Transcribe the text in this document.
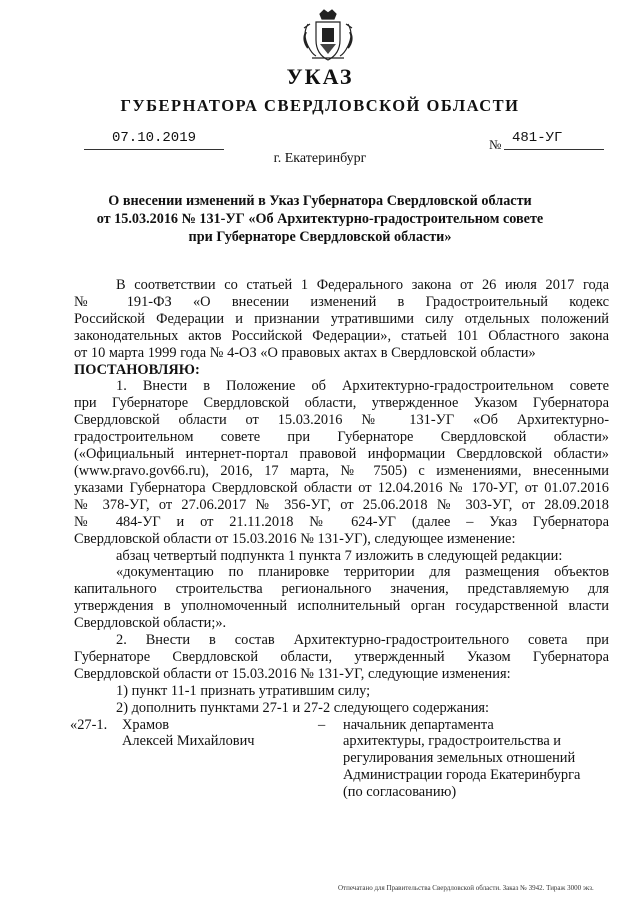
УКАЗ
ГУБЕРНАТОРА СВЕРДЛОВСКОЙ ОБЛАСТИ
07.10.2019	№ 481-УГ
г. Екатеринбург
О внесении изменений в Указ Губернатора Свердловской области
от 15.03.2016 № 131-УГ «Об Архитектурно-градостроительном совете
при Губернаторе Свердловской области»

В соответствии со статьей 1 Федерального закона от 26 июля 2017 года

№ 191-ФЗ «О внесении изменений в Градостроительный кодекс

Российской Федерации и признании утратившими силу отдельных положений

законодательных актов Российской Федерации», статьей 101 Областного закона

от 10 марта 1999 года № 4-ОЗ «О правовых актах в Свердловской области»

ПОСТАНОВЛЯЮ:

1. Внести в Положение об Архитектурно-градостроительном совете

при Губернаторе Свердловской области, утвержденное Указом Губернатора

Свердловской области от 15.03.2016 № 131-УГ «Об Архитектурно-

градостроительном совете при Губернаторе Свердловской области»

(«Официальный интернет-портал правовой информации Свердловской области»

(www.pravo.gov66.ru), 2016, 17 марта, № 7505) с изменениями, внесенными

указами Губернатора Свердловской области от 12.04.2016 № 170-УГ, от 01.07.2016

№ 378-УГ, от 27.06.2017 № 356-УГ, от 25.06.2018 № 303-УГ, от 28.09.2018

№ 484-УГ и от 21.11.2018 № 624-УГ (далее – Указ Губернатора

Свердловской области от 15.03.2016 № 131-УГ), следующее изменение:

абзац четвертый подпункта 1 пункта 7 изложить в следующей редакции:

«документацию по планировке территории для размещения объектов

капитального строительства регионального значения, представляемую для

утверждения в уполномоченный исполнительный орган государственной власти

Свердловской области;».

2. Внести в состав Архитектурно-градостроительного совета при

Губернаторе Свердловской области, утвержденный Указом Губернатора

Свердловской области от 15.03.2016 № 131-УГ, следующие изменения:

1) пункт 11-1 признать утратившим силу;

2) дополнить пунктами 27-1 и 27-2 следующего содержания:

«27-1. Храмов
Алексей Михайлович
– начальник департамента
архитектуры, градостроительства и
регулирования земельных отношений
Администрации города Екатеринбурга
(по согласованию)
Отпечатано для Правительства Свердловской области. Заказ № 3942. Тираж 3000 экз.
